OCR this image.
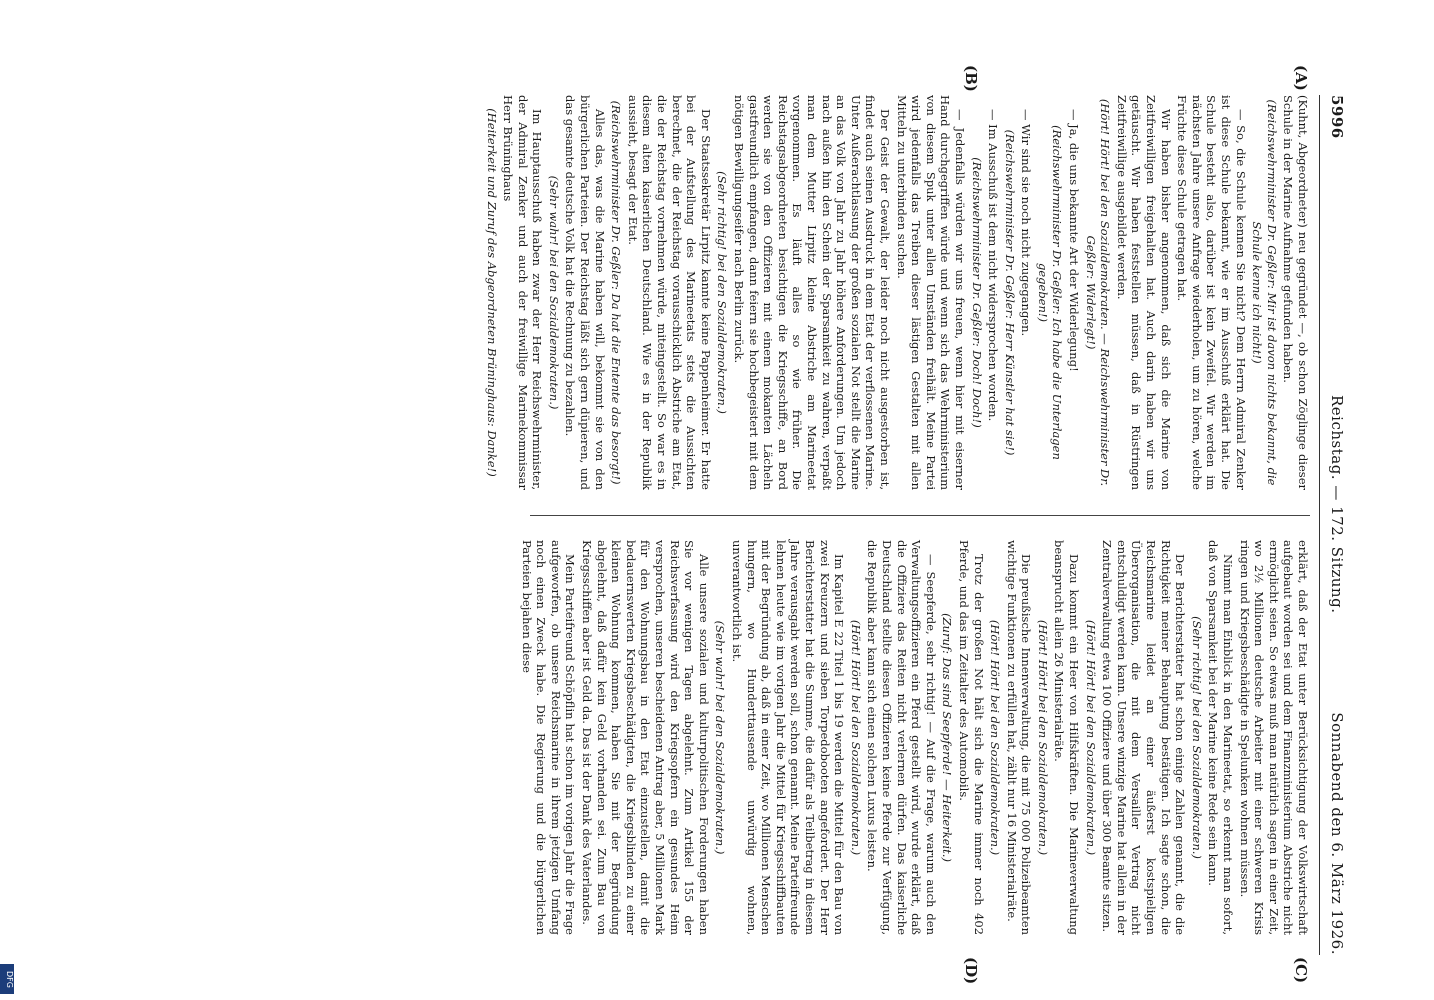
5996
Reichstag. — 172. Sitzung.
Sonnabend den 6. März 1926.
(A)
(B)
(C)
(D)

(Kuhnt, Abgeordneter) neu gegründet —, ob schon Zöglinge dieser Schule in der Marine Aufnahme gefunden haben.

(Reichswehrminister Dr. Geßler: Mir ist davon nichts bekannt, die Schule kenne ich nicht!)

— So, die Schule kennen Sie nicht? Dem Herrn Admiral Zenker ist diese Schule bekannt, wie er im Ausschuß erklärt hat. Die Schule besteht also, darüber ist kein Zweifel. Wir werden im nächsten Jahre unsere Anfrage wiederholen, um zu hören, welche Früchte diese Schule getragen hat.

Wir haben bisher angenommen, daß sich die Marine von Zeitfreiwilligen freigehalten hat. Auch darin haben wir uns getäuscht. Wir haben feststellen müssen, daß in Rüstringen Zeitfreiwillige ausgebildet werden.

(Hört! Hört! bei den Sozialdemokraten. — Reichswehrminister Dr. Geßler: Widerlegt!)

— Ja, die uns bekannte Art der Widerlegung!

(Reichswehrminister Dr. Geßler: Ich habe die Unterlagen gegeben!)

— Wir sind sie noch nicht zugegangen.

(Reichswehrminister Dr. Geßler: Herr Künstler hat sie!)

— Im Ausschuß ist dem nicht widersprochen worden.

(Reichswehrminister Dr. Geßler: Doch! Doch!)

— Jedenfalls würden wir uns freuen, wenn hier mit eiserner Hand durchgegriffen würde und wenn sich das Wehrministerium von diesem Spuk unter allen Umständen freihält. Meine Partei wird jedenfalls das Treiben dieser lästigen Gestalten mit allen Mitteln zu unterbinden suchen.

Der Geist der Gewalt, der leider noch nicht ausgestorben ist, findet auch seinen Ausdruck in dem Etat der verflossenen Marine. Unter Außerachtlassung der großen sozialen Not stellt die Marine an das Volk von Jahr zu Jahr höhere Anforderungen. Um jedoch nach außen hin den Schein der Sparsamkeit zu wahren, verpaßt man dem Mutter Lirpitz kleine Abstriche am Marineetat vorgenommen. Es läuft alles so wie früher. Die Reichstagsabgeordneten besichtigen die Kriegsschiffe, an Bord werden sie von den Offizieren mit einem mokanten Lächeln gastfreundlich empfangen, dann feiern sie hochbegeistert mit dem nötigen Bewilligungseifer nach Berlin zurück.

(Sehr richtig! bei den Sozialdemokraten.)

Der Staatssekretär Lirpitz kannte keine Pappenheimer. Er hatte bei der Aufstellung des Marineetats stets die Aussichten berechnet, die der Reichstag vorausschicklich Abstriche am Etat, die der Reichstag vornehmen würde, miteingestellt. So war es in diesem alten kaiserlichen Deutschland. Wie es in der Republik aussieht, besagt der Etat.

(Reichswehrminister Dr. Geßler: Da hat die Entente das besorgt!)

Alles das, was die Marine haben will, bekommt sie von den bürgerlichen Parteien. Der Reichstag läßt sich gern düpieren, und das gesamte deutsche Volk hat die Rechnung zu bezahlen.

(Sehr wahr! bei den Sozialdemokraten.)

Im Hauptausschuß haben zwar der Herr Reichswehrminister, der Admiral Zenker und auch der freiwillige Marinekommissar Herr Brüninghaus

(Heiterkeit und Zuruf des Abgeordneten Brüninghaus: Danke!)

erklärt, daß der Etat unter Berücksichtigung der Volkswirtschaft aufgebaut worden sei und dem Finanzministerium Abstriche nicht ermöglicht seien. So etwas muß man natürlich sagen in einer Zeit, wo 2½ Millionen deutsche Arbeiter mit einer schweren Krisis ringen und Kriegsbeschädigte in Spelunken wohnen müssen.

Nimmt man Einblick in den Marineetat, so erkennt man sofort, daß von Sparsamkeit bei der Marine keine Rede sein kann.

(Sehr richtig! bei den Sozialdemokraten.)

Der Berichterstatter hat schon einige Zahlen genannt, die die Richtigkeit meiner Behauptung bestätigen. Ich sagte schon, die Reichsmarine leidet an einer äußerst kostspieligen Überorganisation, die mit dem Versailler Vertrag nicht entschuldigt werden kann. Unsere winzige Marine hat allein in der Zentralverwaltung etwa 100 Offiziere und über 300 Beamte sitzen.

(Hört! Hört! bei den Sozialdemokraten.)

Dazu kommt ein Heer von Hilfskräften. Die Marineverwaltung beansprucht allein 26 Ministerialräte.

(Hört! Hört! bei den Sozialdemokraten.)

Die preußische Innenverwaltung, die mit 75 000 Polizeibeamten wichtige Funktionen zu erfüllen hat, zählt nur 16 Ministerialräte.

(Hört! Hört! bei den Sozialdemokraten.)

Trotz der großen Not hält sich die Marine immer noch 402 Pferde, und das im Zeitalter des Automobils.

(Zuruf: Das sind Seepferde! — Heiterkeit.)

— Seepferde, sehr richtig! — Auf die Frage, warum auch den Verwaltungsoffizieren ein Pferd gestellt wird, wurde erklärt, daß die Offiziere das Reiten nicht verlernen dürfen. Das kaiserliche Deutschland stellte diesen Offizieren keine Pferde zur Verfügung, die Republik aber kann sich einen solchen Luxus leisten.

(Hört! Hört! bei den Sozialdemokraten.)

Im Kapitel E 22 Titel 1 bis 19 werden die Mittel für den Bau von zwei Kreuzern und sieben Torpedobooten angefordert. Der Herr Berichterstatter hat die Summe, die dafür als Teilbetrag in diesem Jahre verausgabt werden soll, schon genannt. Meine Parteifreunde lehnen heute wie im vorigen Jahr die Mittel für Kriegsschiffbauten mit der Begründung ab, daß in einer Zeit, wo Millionen Menschen hungern, wo Hunderttausende unwürdig wohnen, unverantwortlich ist.

(Sehr wahr! bei den Sozialdemokraten.)

Alle unsere sozialen und kulturpolitischen Forderungen haben Sie vor wenigen Tagen abgelehnt. Zum Artikel 155 der Reichsverfassung wird den Kriegsopfern ein gesundes Heim versprochen, unseren bescheidenen Antrag aber, 5 Millionen Mark für den Wohnungsbau in den Etat einzustellen, damit die bedauernswerten Kriegsbeschädigten, die Kriegsblinden zu einer kleinen Wohnung kommen, haben Sie mit der Begründung abgelehnt, daß dafür kein Geld vorhanden sei. Zum Bau von Kriegsschiffen aber ist Geld da. Das ist der Dank des Vaterlandes.

Mein Parteifreund Schöpflin hat schon im vorigen Jahr die Frage aufgeworfen, ob unsere Reichsmarine in ihrem jetzigen Umfang noch einen Zweck habe. Die Regierung und die bürgerlichen Parteien bejahen diese

DFG
